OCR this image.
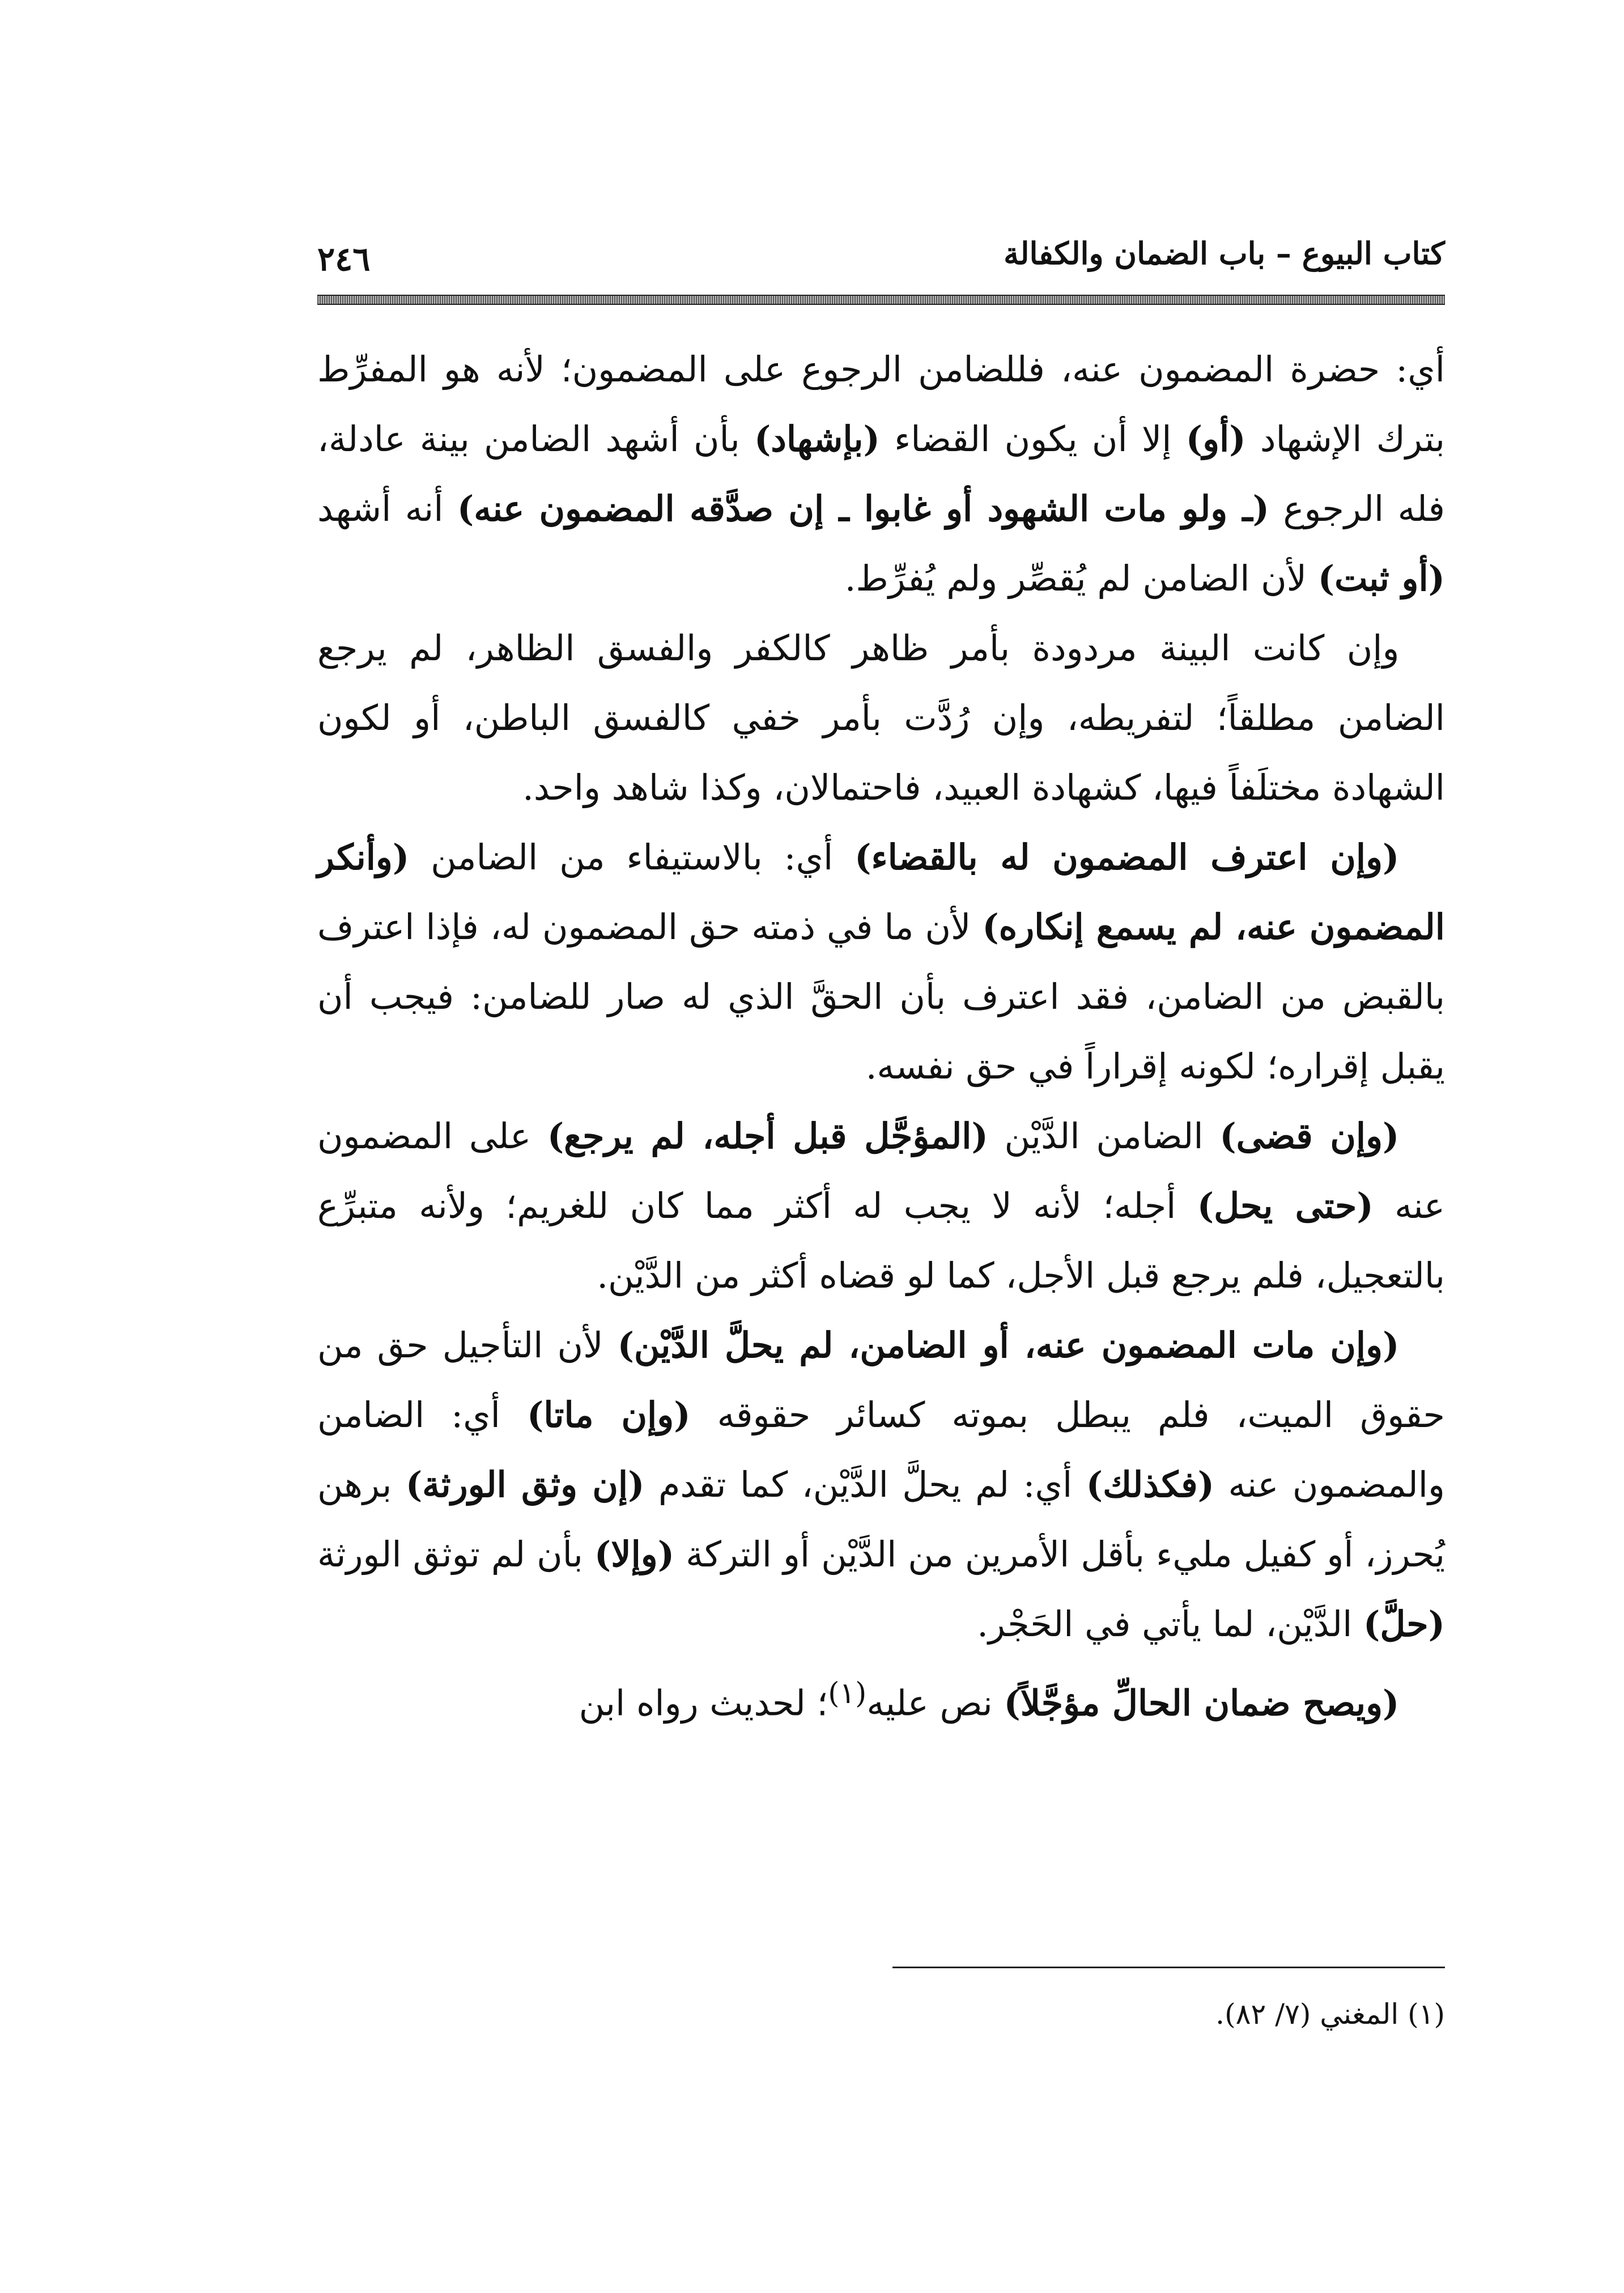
كتاب البيوع – باب الضمان والكفالة
٢٤٦

أي: حضرة المضمون عنه، فللضامن الرجوع على المضمون؛ لأنه هو المفرِّط بترك الإشهاد (أو) إلا أن يكون القضاء (بإشهاد) بأن أشهد الضامن بينة عادلة، فله الرجوع (ـ ولو مات الشهود أو غابوا ـ إن صدَّقه المضمون عنه) أنه أشهد (أو ثبت) لأن الضامن لم يُقصِّر ولم يُفرِّط.

وإن كانت البينة مردودة بأمر ظاهر كالكفر والفسق الظاهر، لم يرجع الضامن مطلقاً؛ لتفريطه، وإن رُدَّت بأمر خفي كالفسق الباطن، أو لكون الشهادة مختلَفاً فيها، كشهادة العبيد، فاحتمالان، وكذا شاهد واحد.

(وإن اعترف المضمون له بالقضاء) أي: بالاستيفاء من الضامن (وأنكر المضمون عنه، لم يسمع إنكاره) لأن ما في ذمته حق المضمون له، فإذا اعترف بالقبض من الضامن، فقد اعترف بأن الحقَّ الذي له صار للضامن: فيجب أن يقبل إقراره؛ لكونه إقراراً في حق نفسه.

(وإن قضى) الضامن الدَّيْن (المؤجَّل قبل أجله، لم يرجع) على المضمون عنه (حتى يحل) أجله؛ لأنه لا يجب له أكثر مما كان للغريم؛ ولأنه متبرِّع بالتعجيل، فلم يرجع قبل الأجل، كما لو قضاه أكثر من الدَّيْن.

(وإن مات المضمون عنه، أو الضامن، لم يحلَّ الدَّيْن) لأن التأجيل حق من حقوق الميت، فلم يبطل بموته كسائر حقوقه (وإن ماتا) أي: الضامن والمضمون عنه (فكذلك) أي: لم يحلَّ الدَّيْن، كما تقدم (إن وثق الورثة) برهن يُحرز، أو كفيل مليء بأقل الأمرين من الدَّيْن أو التركة (وإلا) بأن لم توثق الورثة (حلَّ) الدَّيْن، لما يأتي في الحَجْر.

(ويصح ضمان الحالِّ مؤجَّلاً) نص عليه$^{(١)}$؛ لحديث رواه ابن

(١) المغني (٧/ ٨٢).
